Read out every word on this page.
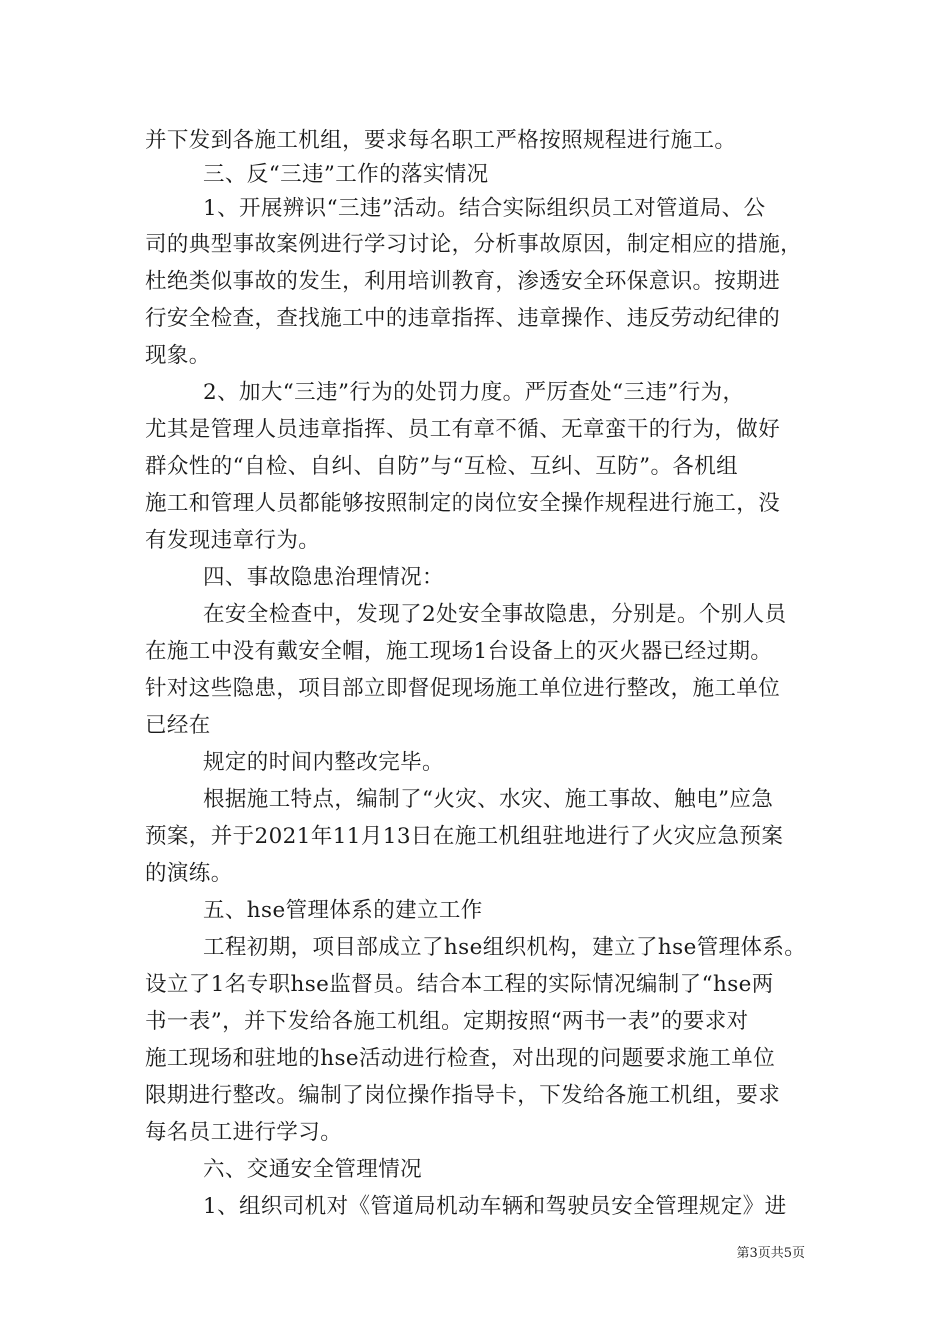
并下发到各施工机组，要求每名职工严格按照规程进行施工。
三、反“三违”工作的落实情况
1、开展辨识“三违”活动。结合实际组织员工对管道局、公
司的典型事故案例进行学习讨论，分析事故原因，制定相应的措施，
杜绝类似事故的发生，利用培训教育，渗透安全环保意识。按期进
行安全检查，查找施工中的违章指挥、违章操作、违反劳动纪律的
现象。
2、加大“三违”行为的处罚力度。严厉查处“三违”行为，
尤其是管理人员违章指挥、员工有章不循、无章蛮干的行为，做好
群众性的“自检、自纠、自防”与“互检、互纠、互防”。各机组
施工和管理人员都能够按照制定的岗位安全操作规程进行施工，没
有发现违章行为。
四、事故隐患治理情况：
在安全检查中，发现了2处安全事故隐患，分别是。个别人员
在施工中没有戴安全帽，施工现场1台设备上的灭火器已经过期。
针对这些隐患，项目部立即督促现场施工单位进行整改，施工单位
已经在
规定的时间内整改完毕。
根据施工特点，编制了“火灾、水灾、施工事故、触电”应急
预案，并于2021年11月13日在施工机组驻地进行了火灾应急预案
的演练。
五、hse管理体系的建立工作
工程初期，项目部成立了hse组织机构，建立了hse管理体系。
设立了1名专职hse监督员。结合本工程的实际情况编制了“hse两
书一表”，并下发给各施工机组。定期按照“两书一表”的要求对
施工现场和驻地的hse活动进行检查，对出现的问题要求施工单位
限期进行整改。编制了岗位操作指导卡，下发给各施工机组，要求
每名员工进行学习。
六、交通安全管理情况
1、组织司机对《管道局机动车辆和驾驶员安全管理规定》进
第3页共5页
